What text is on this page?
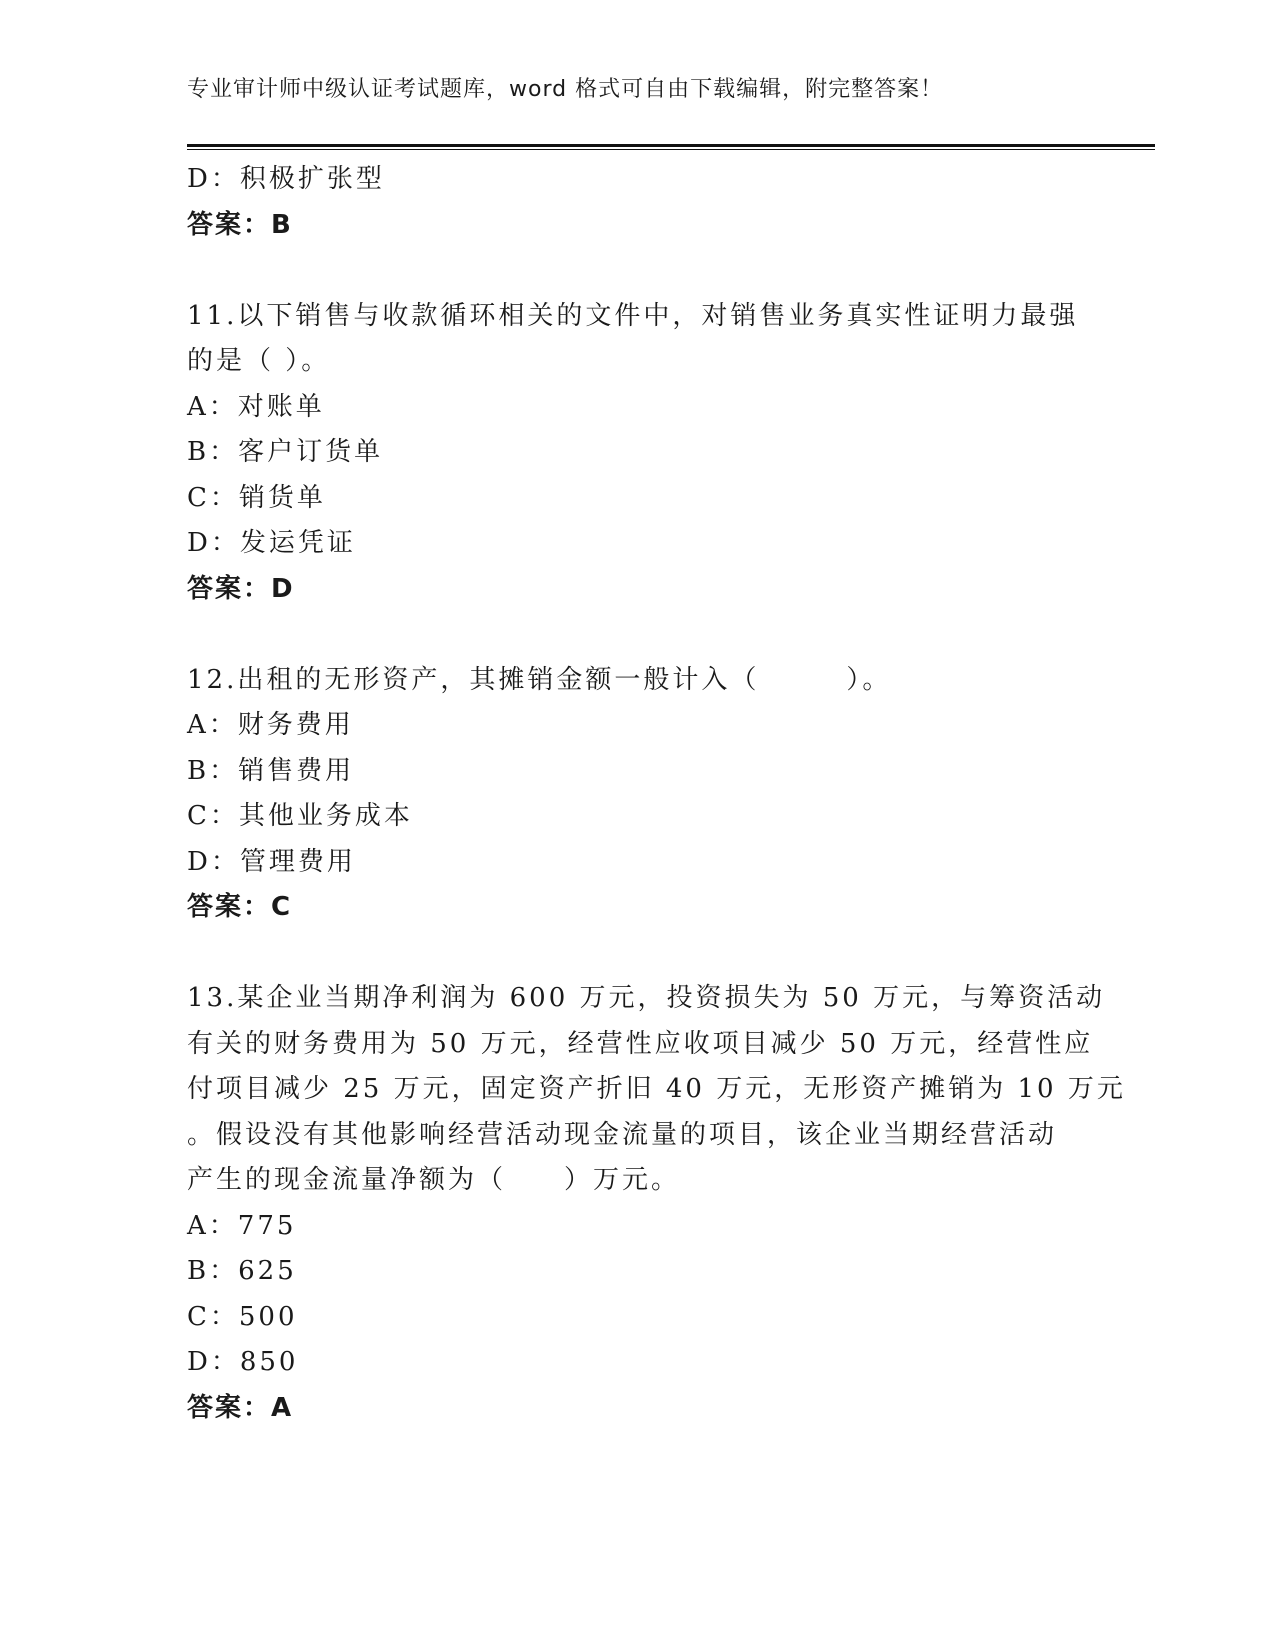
专业审计师中级认证考试题库，word 格式可自由下载编辑，附完整答案！
D：积极扩张型
答案：B
11.以下销售与收款循环相关的文件中，对销售业务真实性证明力最强
的是（ ）。
A：对账单
B：客户订货单
C：销货单
D：发运凭证
答案：D
12.出租的无形资产，其摊销金额一般计入（　　　）。
A：财务费用
B：销售费用
C：其他业务成本
D：管理费用
答案：C
13.某企业当期净利润为 600 万元，投资损失为 50 万元，与筹资活动
有关的财务费用为 50 万元，经营性应收项目减少 50 万元，经营性应
付项目减少 25 万元，固定资产折旧 40 万元，无形资产摊销为 10 万元
。假设没有其他影响经营活动现金流量的项目，该企业当期经营活动
产生的现金流量净额为（　　）万元。
A：775
B：625
C：500
D：850
答案：A
